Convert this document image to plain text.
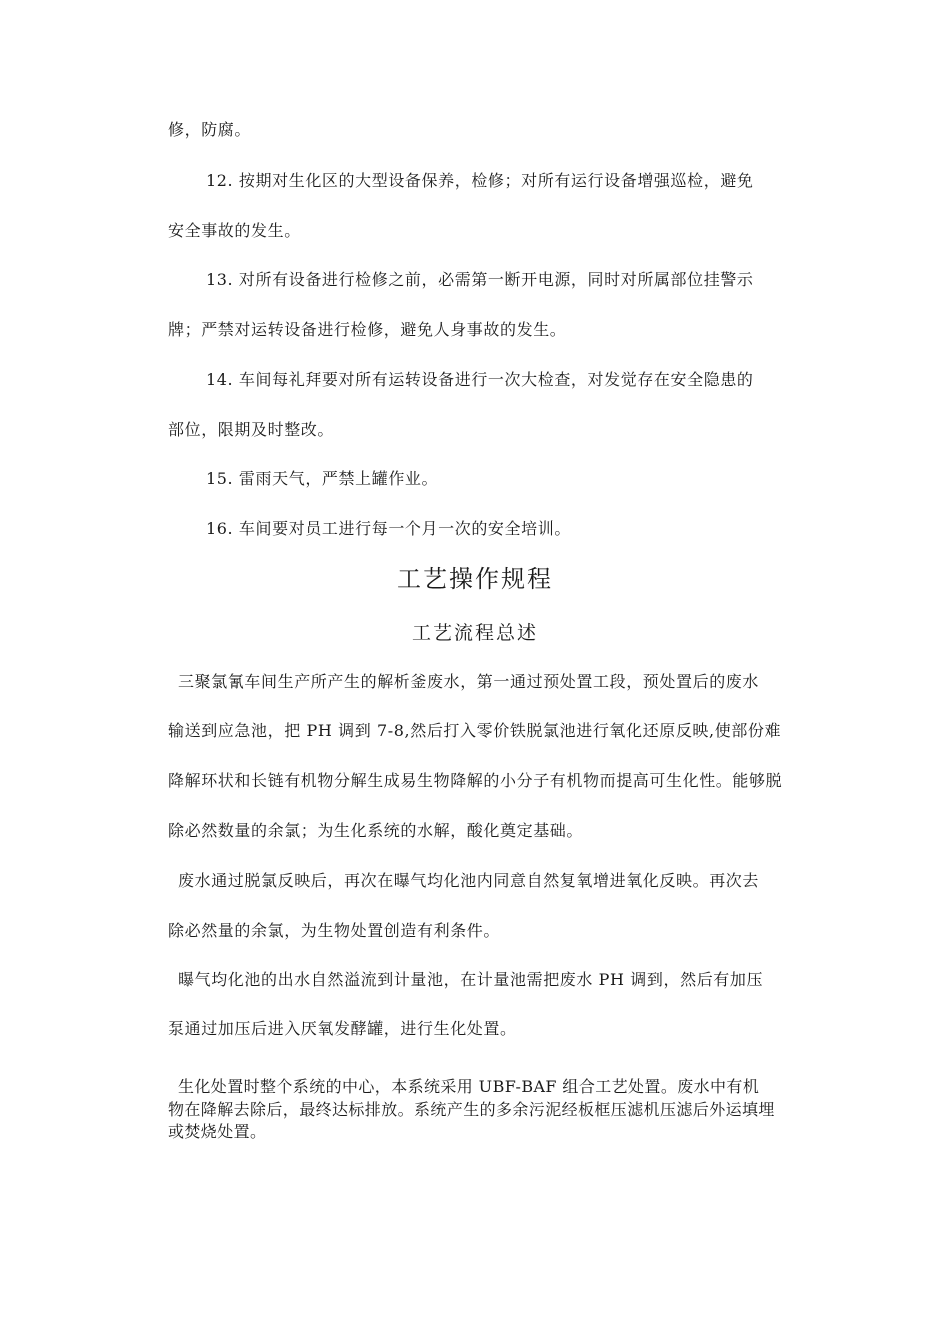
修，防腐。
12. 按期对生化区的大型设备保养，检修；对所有运行设备增强巡检，避免
安全事故的发生。
13. 对所有设备进行检修之前，必需第一断开电源，同时对所属部位挂警示
牌；严禁对运转设备进行检修，避免人身事故的发生。
14. 车间每礼拜要对所有运转设备进行一次大检查，对发觉存在安全隐患的
部位，限期及时整改。
15. 雷雨天气，严禁上罐作业。
16. 车间要对员工进行每一个月一次的安全培训。
工艺操作规程
工艺流程总述
三聚氯氰车间生产所产生的解析釜废水，第一通过预处置工段，预处置后的废水
输送到应急池，把 PH 调到 7-8,然后打入零价铁脱氯池进行氧化还原反映,使部份难
降解环状和长链有机物分解生成易生物降解的小分子有机物而提高可生化性。能够脱
除必然数量的余氯；为生化系统的水解，酸化奠定基础。
废水通过脱氯反映后，再次在曝气均化池内同意自然复氧增进氧化反映。再次去
除必然量的余氯，为生物处置创造有利条件。
曝气均化池的出水自然溢流到计量池，在计量池需把废水 PH 调到，然后有加压
泵通过加压后进入厌氧发酵罐，进行生化处置。
生化处置时整个系统的中心，本系统采用 UBF-BAF 组合工艺处置。废水中有机
物在降解去除后，最终达标排放。系统产生的多余污泥经板框压滤机压滤后外运填埋
或焚烧处置。
